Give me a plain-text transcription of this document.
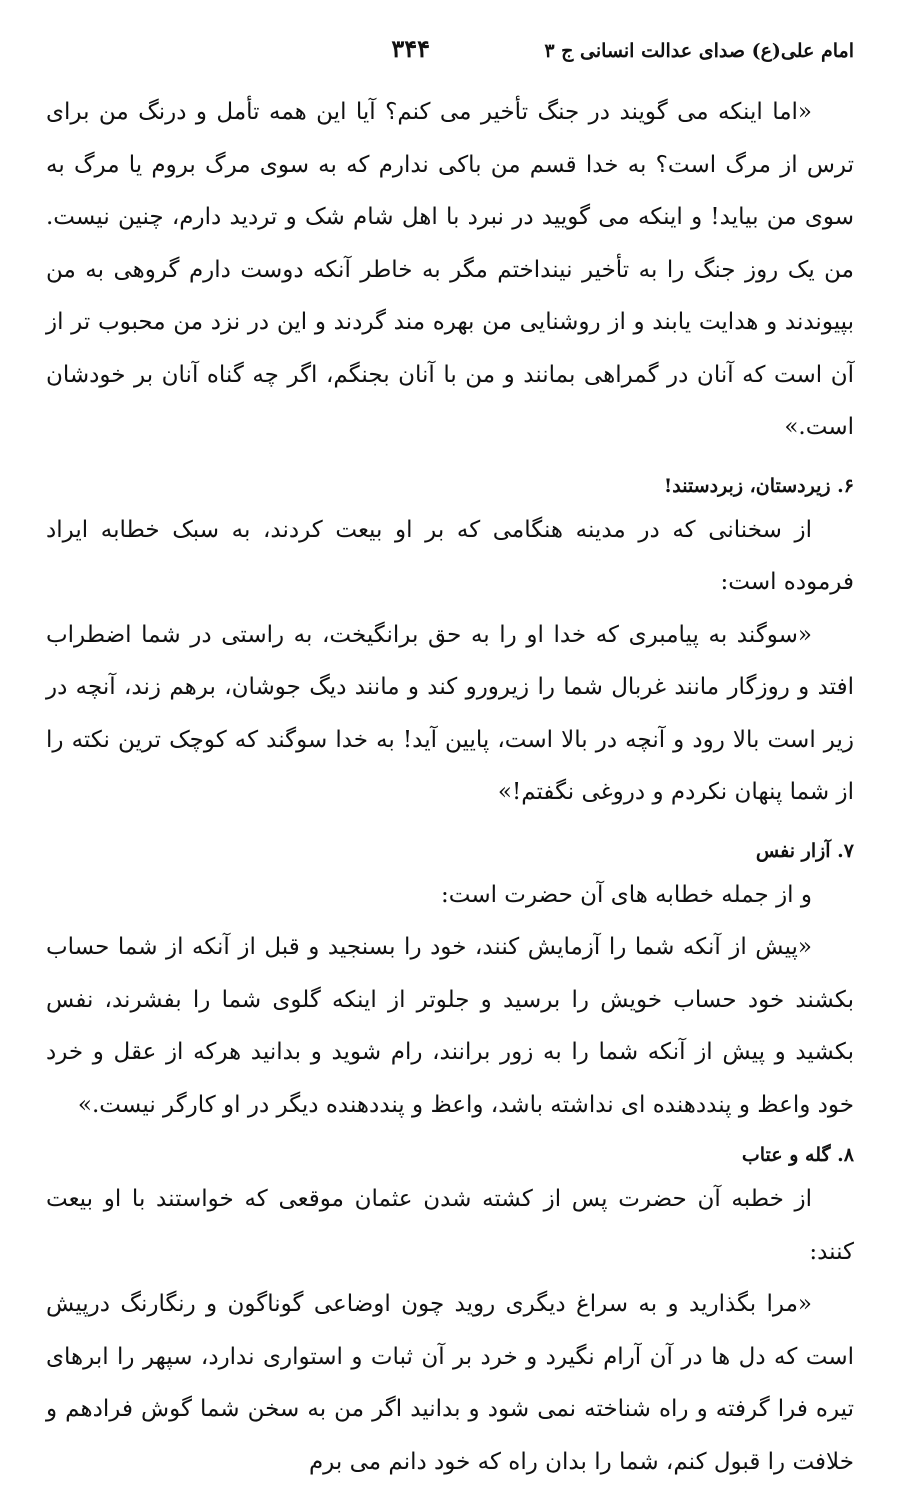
امام علی(ع) صدای عدالت انسانی ج ۳
۳۴۴

«اما اینکه می گویند در جنگ تأخیر می کنم؟ آیا این همه تأمل و درنگ من برای ترس از مرگ است؟ به خدا قسم من باکی ندارم که به سوی مرگ بروم یا مرگ به سوی من بیاید! و اینکه می گویید در نبرد با اهل شام شک و تردید دارم، چنین نیست. من یک روز جنگ را به تأخیر نینداختم مگر به خاطر آنکه دوست دارم گروهی به من بپیوندند و هدایت یابند و از روشنایی من بهره مند گردند و این در نزد من محبوب تر از آن است که آنان در گمراهی بمانند و من با آنان بجنگم، اگر چه گناه آنان بر خودشان است.»

۶. زیردستان، زبردستند!

از سخنانی که در مدینه هنگامی که بر او بیعت کردند، به سبک خطابه ایراد فرموده است:

«سوگند به پیامبری که خدا او را به حق برانگیخت، به راستی در شما اضطراب افتد و روزگار مانند غربال شما را زیرورو کند و مانند دیگ جوشان، برهم زند، آنچه در زیر است بالا رود و آنچه در بالا است، پایین آید! به خدا سوگند که کوچک ترین نکته را از شما پنهان نکردم و دروغی نگفتم!»

۷. آزار نفس

و از جمله خطابه های آن حضرت است:

«پیش از آنکه شما را آزمایش کنند، خود را بسنجید و قبل از آنکه از شما حساب بکشند خود حساب خویش را برسید و جلوتر از اینکه گلوی شما را بفشرند، نفس بکشید و پیش از آنکه شما را به زور برانند، رام شوید و بدانید هرکه از عقل و خرد خود واعظ و پنددهنده ای نداشته باشد، واعظ و پنددهنده دیگر در او کارگر نیست.»

۸. گله و عتاب

از خطبه آن حضرت پس از کشته شدن عثمان موقعی که خواستند با او بیعت کنند:

«مرا بگذارید و به سراغ دیگری روید چون اوضاعی گوناگون و رنگارنگ درپیش است که دل ها در آن آرام نگیرد و خرد بر آن ثبات و استواری ندارد، سپهر را ابرهای تیره فرا گرفته و راه شناخته نمی شود و بدانید اگر من به سخن شما گوش فرادهم و خلافت را قبول کنم، شما را بدان راه که خود دانم می برم
